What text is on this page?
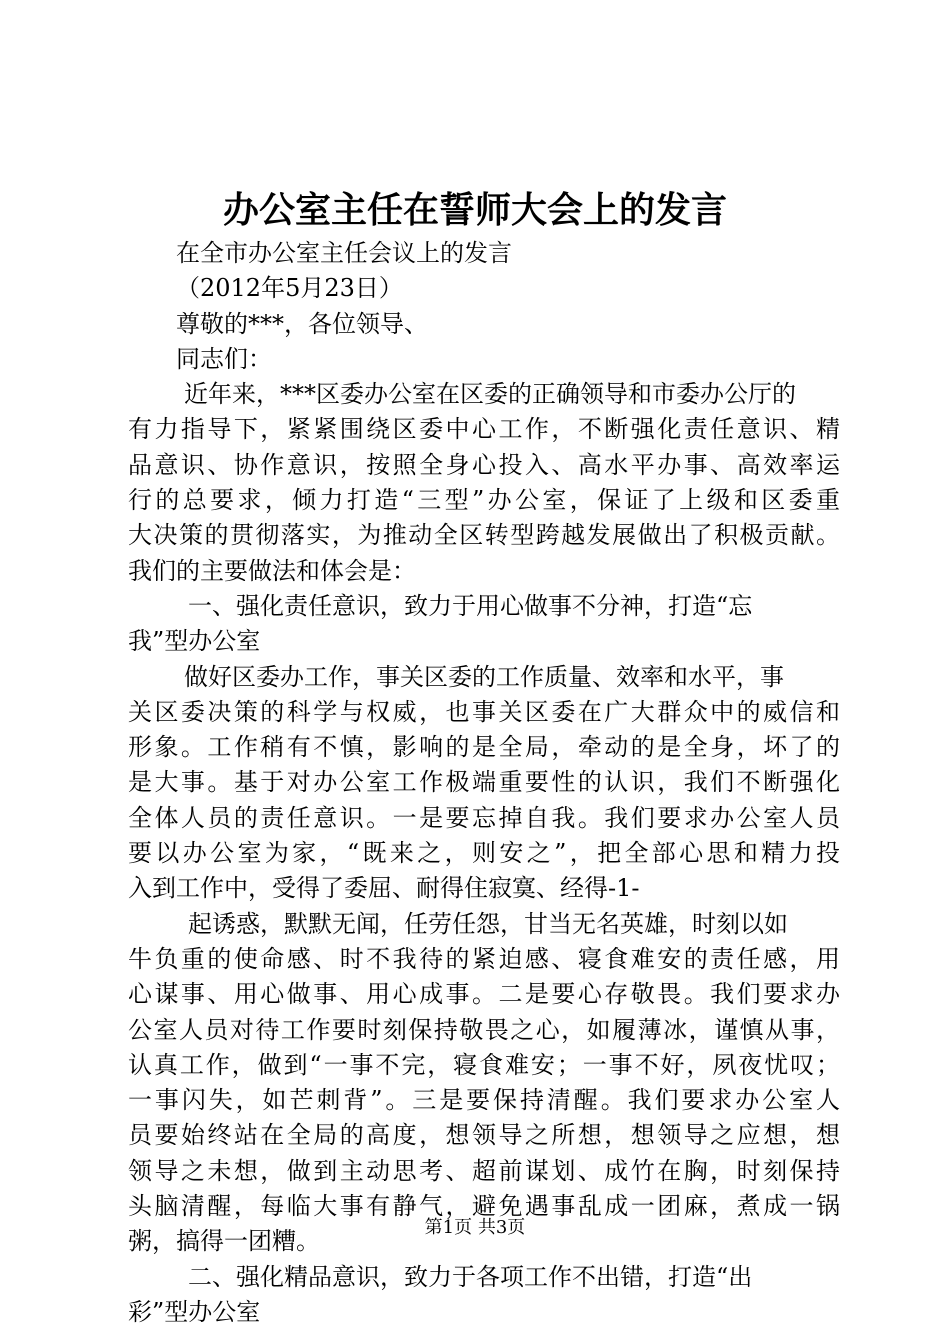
办公室主任在誓师大会上的发言
在全市办公室主任会议上的发言
（2012年5月23日）
尊敬的***，各位领导、
同志们：
近年来，***区委办公室在区委的正确领导和市委办公厅的
有力指导下，紧紧围绕区委中心工作，不断强化责任意识、精
品意识、协作意识，按照全身心投入、高水平办事、高效率运
行的总要求，倾力打造“三型”办公室，保证了上级和区委重
大决策的贯彻落实，为推动全区转型跨越发展做出了积极贡献。
我们的主要做法和体会是：
一、强化责任意识，致力于用心做事不分神，打造“忘
我”型办公室
做好区委办工作，事关区委的工作质量、效率和水平，事
关区委决策的科学与权威，也事关区委在广大群众中的威信和
形象。工作稍有不慎，影响的是全局，牵动的是全身，坏了的
是大事。基于对办公室工作极端重要性的认识，我们不断强化
全体人员的责任意识。一是要忘掉自我。我们要求办公室人员
要以办公室为家，“既来之，则安之”，把全部心思和精力投
入到工作中，受得了委屈、耐得住寂寞、经得-1-
起诱惑，默默无闻，任劳任怨，甘当无名英雄，时刻以如
牛负重的使命感、时不我待的紧迫感、寝食难安的责任感，用
心谋事、用心做事、用心成事。二是要心存敬畏。我们要求办
公室人员对待工作要时刻保持敬畏之心，如履薄冰，谨慎从事，
认真工作，做到“一事不完，寝食难安；一事不好，夙夜忧叹；
一事闪失，如芒刺背”。三是要保持清醒。我们要求办公室人
员要始终站在全局的高度，想领导之所想，想领导之应想，想
领导之未想，做到主动思考、超前谋划、成竹在胸，时刻保持
头脑清醒，每临大事有静气，避免遇事乱成一团麻，煮成一锅
粥，搞得一团糟。
二、强化精品意识，致力于各项工作不出错，打造“出
彩”型办公室
第1页 共3页
